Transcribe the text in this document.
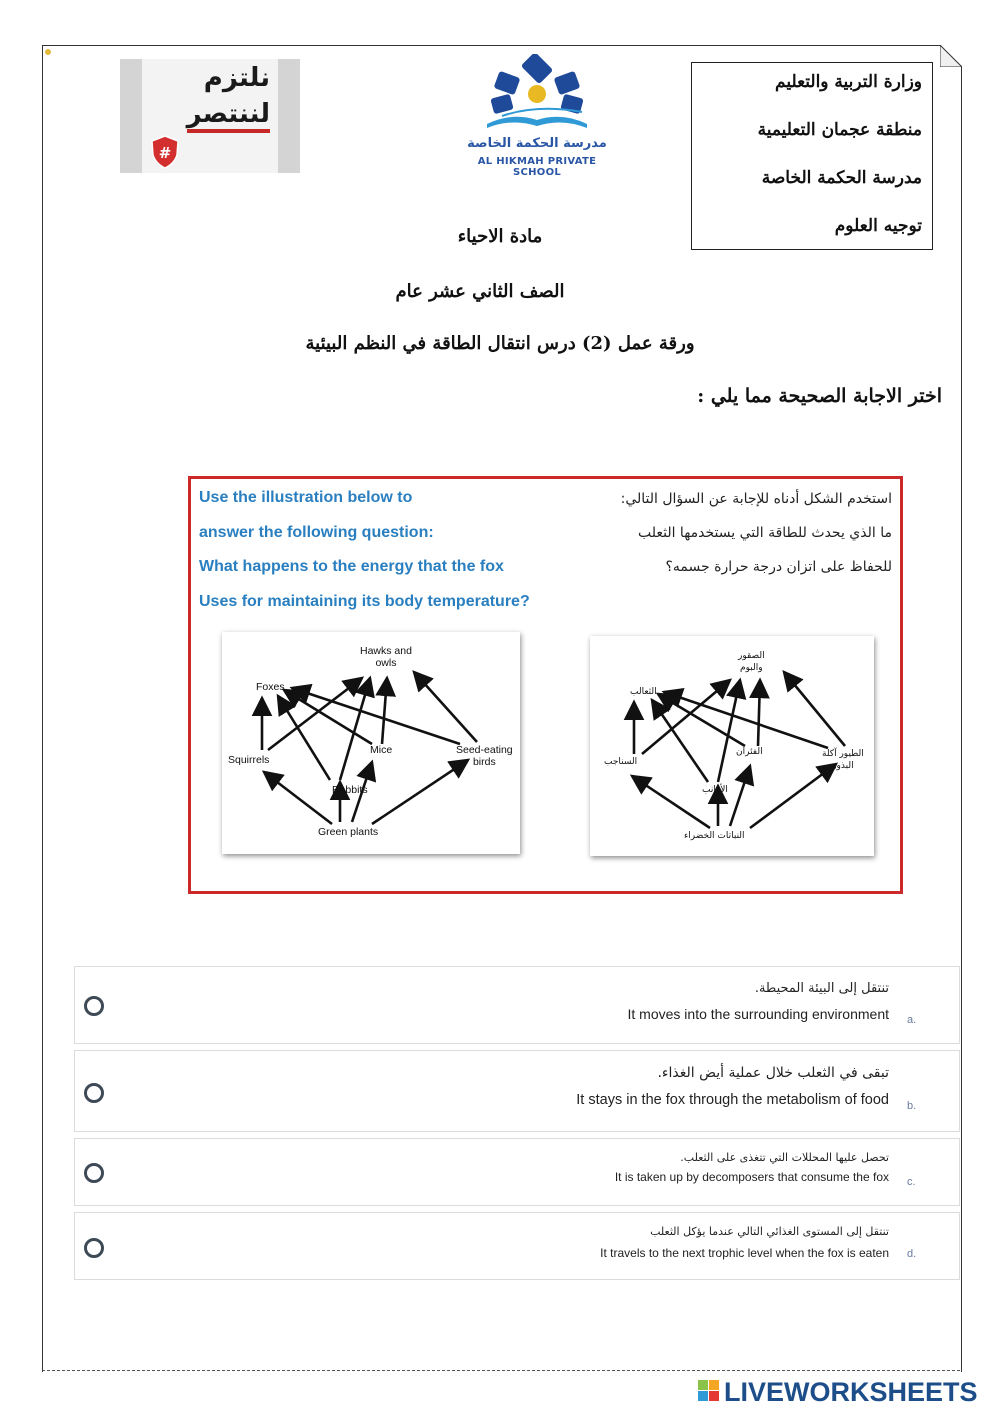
وزارة التربية والتعليم
منطقة عجمان التعليمية
مدرسة الحكمة الخاصة
توجيه العلوم
نلتزم
لننتصر
#
مدرسة الحكمة الخاصة
AL HIKMAH PRIVATE SCHOOL
مادة الاحياء
الصف الثاني عشر عام
ورقة عمل (2) درس انتقال الطاقة في النظم البيئية
اختر الاجابة الصحيحة مما يلي :
Use the illustration below to
answer the following question:
What happens to the energy that the fox
Uses for maintaining its body temperature?
استخدم الشكل أدناه للإجابة عن السؤال التالي:
ما الذي يحدث للطاقة التي يستخدمها الثعلب
للحفاظ على اتزان درجة حرارة جسمه؟
Hawks and
owls
Foxes
Squirrels
Mice	Seed-eating
birds
Rabbits
Green plants
الصقور
والبوم
الثعالب
السناجب
الفئران	الطيور آكلة
البذور
الأرانب
النباتات الخضراء
تنتقل إلى البيئة المحيطة.
It moves into the surrounding environment a.
تبقى في الثعلب خلال عملية أيض الغذاء.
It stays in the fox through the metabolism of food b.
تحصل عليها المحللات التي تتغذى على الثعلب.
It is taken up by decomposers that consume the fox c.
تنتقل إلى المستوى الغذائي التالي عندما يؤكل الثعلب
It travels to the next trophic level when the fox is eaten d.
LIVEWORKSHEETS
